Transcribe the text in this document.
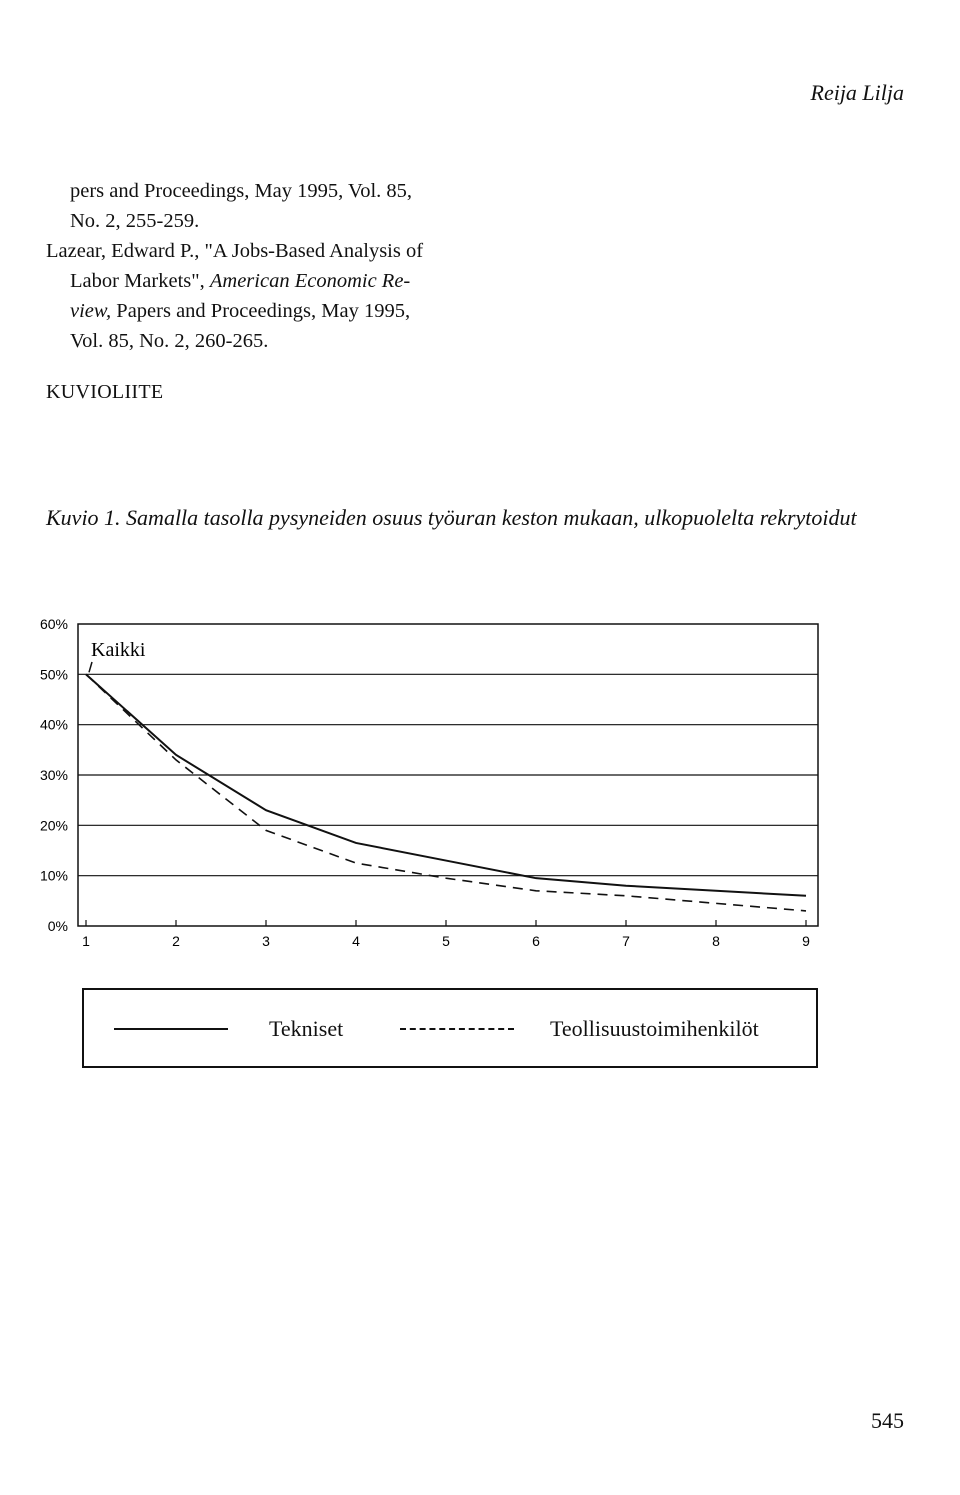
Reija Lilja

pers and Proceedings, May 1995, Vol. 85,

No. 2, 255-259.

Lazear, Edward P., "A Jobs-Based Analysis of

Labor Markets", American Economic Re-

view, Papers and Proceedings, May 1995,

Vol. 85, No. 2, 260-265.

KUVIOLIITE
Kuvio 1. Samalla tasolla pysyneiden osuus työuran keston mukaan, ulkopuolelta rekrytoidut
0%
10%
20%
30%
40%
50%
60%
1	2	3	4	5	6	7	8	9
Kaikki
Tekniset	Teollisuustoimihenkilöt
545
